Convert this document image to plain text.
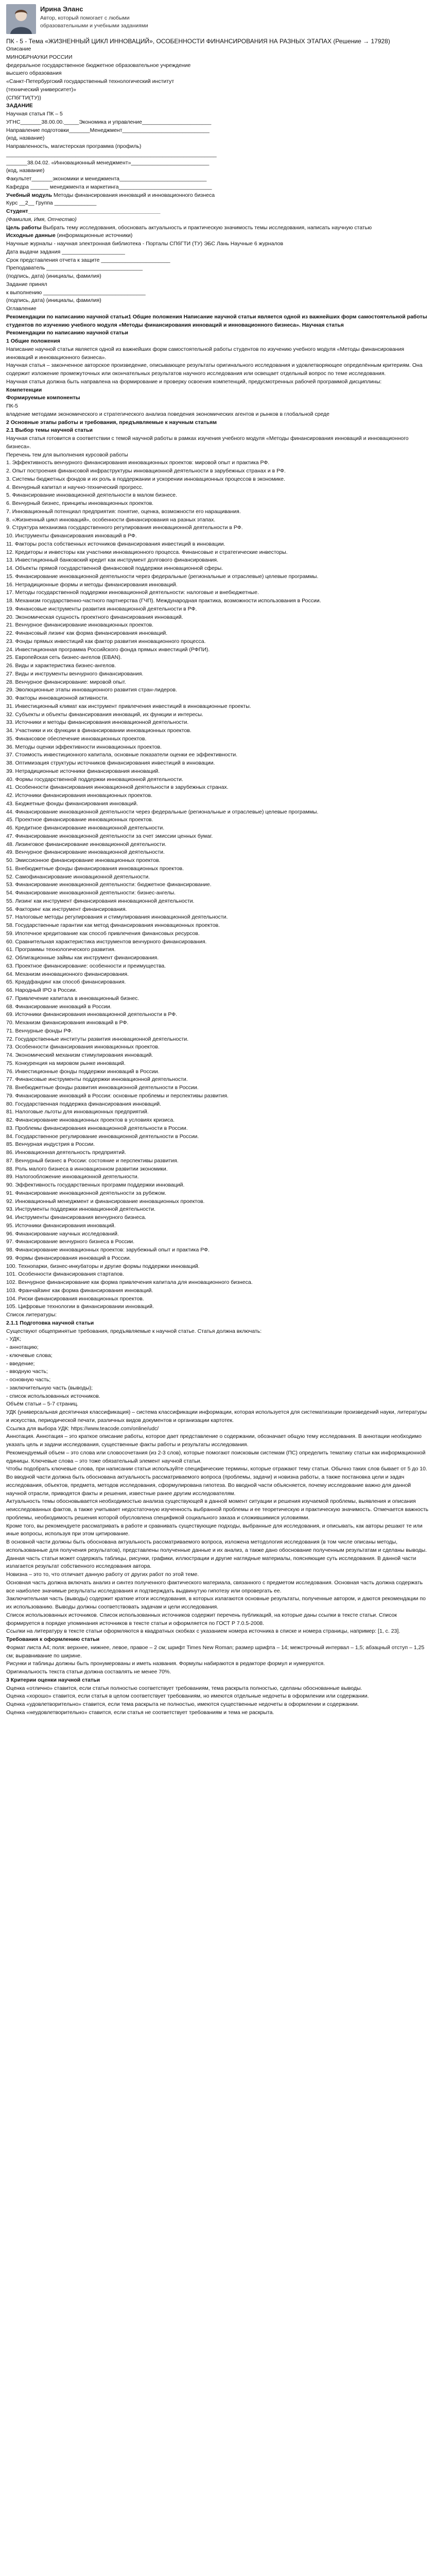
Ирина Эланс
Автор, который помогает с любыми образовательными и учебными заданиями
ПК - 5 - Тема «ЖИЗНЕННЫЙ ЦИКЛ ИННОВАЦИЙ», ОСОБЕННОСТИ ФИНАНСИРОВАНИЯ НА РАЗНЫХ ЭТАПАХ (Решение → 17928)
Описание
МИНОБРНАУКИ РОССИИ
федеральное государственное бюджетное образовательное учреждение
высшего образования
«Санкт-Петербургский государственный технологический институт
(технический университет)»
(СПбГТИ(ТУ))
ЗАДАНИЕ
Научная статья ПК – 5
УГНС_______38.00.00._____Экономика и управление_______________________
Направление подготовки_______Менеджмент_____________________________
(код, название)
Направленность, магистерская программа (профиль)
______________________________________________________________________
_______38.04.02. «Инновационный менеджмент»__________________________
(код, название)
Факультет_______экономики и менеджмента_____________________________
Кафедра ______ менеджмента и маркетинга_______________________________
Учебный модуль Методы финансирования инноваций и инновационного бизнеса
Курс __2__ Группа ______________
Студент____________________________________________
(Фамилия, Имя, Отчество)
Цель работы Выбрать тему исследования, обосновать актуальность и практическую значимость темы исследования, написать научную статью
Исходные данные (информационные источники)
Научные журналы - научная электронная библиотека - Порталы СПбГТИ (ТУ) ЭБС Лань Научные 6 журналов
Дата выдачи задания _____________________
Срок представления отчета к защите _______________________
Преподаватель ________________________________
(подпись, дата) (инициалы, фамилия)
Задание принял
к выполнению __________________________________
(подпись, дата) (инициалы, фамилия)
Оглавление
Рекомендации по написанию научной статьи1 Общие положения Написание научной статьи является одной из важнейших форм самостоятельной работы студентов по изучению учебного модуля «Методы финансирования инноваций и инновационного бизнеса». Научная статья
Рекомендации по написанию научной статьи
1 Общие положения
Написание научной статьи является одной из важнейших форм самостоятельной работы студентов по изучению учебного модуля «Методы финансирования инноваций и инновационного бизнеса».
Научная статья – законченное авторское произведение, описывающее результаты оригинального исследования и удовлетворяющее определённым критериям. Она содержит изложение промежуточных или окончательных результатов научного исследования или освещает отдельный вопрос по теме исследования.
Научная статья должна быть направлена на формирование и проверку освоения компетенций, предусмотренных рабочей программой дисциплины:
Компетенции
Формируемые компоненты
ПК-5
владение методами экономического и стратегического анализа поведения экономических агентов и рынков в глобальной среде
2 Основные этапы работы и требования, предъявляемые к научным статьям
2.1 Выбор темы научной статьи
Научная статья готовится в соответствии с темой научной работы в рамках изучения учебного модуля «Методы финансирования инноваций и инновационного бизнеса».
Перечень тем для выполнения курсовой работы
1. Эффективность венчурного финансирования инновационных проектов: мировой опыт и практика РФ.
2. Опыт построения финансовой инфраструктуры инновационной деятельности в зарубежных странах и в РФ.
3. Системы бюджетных фондов и их роль в поддержании и ускорении инновационных процессов в экономике.
4. Венчурный капитал и научно-технический прогресс.
5. Финансирование инновационной деятельности в малом бизнесе.
6. Венчурный бизнес, принципы инновационных проектов.
7. Инновационный потенциал предприятия: понятие, оценка, возможности его наращивания.
8. «Жизненный цикл инноваций», особенности финансирования на разных этапах.
9. Структура механизма государственного регулирования инновационной деятельности в РФ.
10. Инструменты финансирования инноваций в РФ.
11. Факторы роста собственных источников финансирования инвестиций в инновации.
12. Кредиторы и инвесторы как участники инновационного процесса. Финансовые и стратегические инвесторы.
13. Инвестиционный банковский кредит как инструмент долгового финансирования.
14. Объекты прямой государственной финансовой поддержки инновационной сферы.
15. Финансирование инновационной деятельности через федеральные (региональные и отраслевые) целевые программы.
16. Нетрадиционные формы и методы финансирования инноваций.
17. Методы государственной поддержки инновационной деятельности: налоговые и внебюджетные.
18. Механизм государственно-частного партнерства (ГЧП). Международная практика, возможности использования в России.
19. Финансовые инструменты развития инновационной деятельности в РФ.
20. Экономическая сущность проектного финансирования инноваций.
21. Венчурное финансирование инновационных проектов.
22. Финансовый лизинг как форма финансирования инноваций.
23. Фонды прямых инвестиций как фактор развития инновационного процесса.
24. Инвестиционная программа Российского фонда прямых инвестиций (РФПИ).
25. Европейская сеть бизнес-ангелов (EBAN).
26. Виды и характеристика бизнес-ангелов.
27. Виды и инструменты венчурного финансирования.
28. Венчурное финансирование: мировой опыт.
29. Эволюционные этапы инновационного развития стран-лидеров.
30. Факторы инновационной активности.
31. Инвестиционный климат как инструмент привлечения инвестиций в инновационные проекты.
32. Субъекты и объекты финансирования инноваций, их функции и интересы.
33. Источники и методы финансирования инновационной деятельности.
34. Участники и их функции в финансировании инновационных проектов.
35. Финансовое обеспечение инновационных проектов.
36. Методы оценки эффективности инновационных проектов.
37. Стоимость инвестиционного капитала, основные показатели оценки ее эффективности.
38. Оптимизация структуры источников финансирования инвестиций в инновации.
39. Нетрадиционные источники финансирования инноваций.
40. Формы государственной поддержки инновационной деятельности.
41. Особенности финансирования инновационной деятельности в зарубежных странах.
42. Источники финансирования инновационных проектов.
43. Бюджетные фонды финансирования инноваций.
44. Финансирование инновационной деятельности через федеральные (региональные и отраслевые) целевые программы.
45. Проектное финансирование инновационных проектов.
46. Кредитное финансирование инновационной деятельности.
47. Финансирование инновационной деятельности за счет эмиссии ценных бумаг.
48. Лизинговое финансирование инновационной деятельности.
49. Венчурное финансирование инновационной деятельности.
50. Эмиссионное финансирование инновационных проектов.
51. Внебюджетные фонды финансирования инновационных проектов.
52. Самофинансирование инновационной деятельности.
53. Финансирование инновационной деятельности: бюджетное финансирование.
54. Финансирование инновационной деятельности: бизнес-ангелы.
55. Лизинг как инструмент финансирования инновационной деятельности.
56. Факторинг как инструмент финансирования.
57. Налоговые методы регулирования и стимулирования инновационной деятельности.
58. Государственные гарантии как метод финансирования инновационных проектов.
59. Ипотечное кредитование как способ привлечения финансовых ресурсов.
60. Сравнительная характеристика инструментов венчурного финансирования.
61. Программы технологического развития.
62. Облигационные займы как инструмент финансирования.
63. Проектное финансирование: особенности и преимущества.
64. Механизм инновационного финансирования.
65. Краудфандинг как способ финансирования.
66. Народный IPO в России.
67. Привлечение капитала в инновационный бизнес.
68. Финансирование инноваций в России.
69. Источники финансирования инновационной деятельности в РФ.
70. Механизм финансирования инноваций в РФ.
71. Венчурные фонды РФ.
72. Государственные институты развития инновационной деятельности.
73. Особенности финансирования инновационных проектов.
74. Экономический механизм стимулирования инноваций.
75. Конкуренция на мировом рынке инноваций.
76. Инвестиционные фонды поддержки инноваций в России.
77. Финансовые инструменты поддержки инновационной деятельности.
78. Внебюджетные фонды развития инновационной деятельности в России.
79. Финансирование инноваций в России: основные проблемы и перспективы развития.
80. Государственная поддержка финансирования инноваций.
81. Налоговые льготы для инновационных предприятий.
82. Финансирование инновационных проектов в условиях кризиса.
83. Проблемы финансирования инновационной деятельности в России.
84. Государственное регулирование инновационной деятельности в России.
85. Венчурная индустрия в России.
86. Инновационная деятельность предприятий.
87. Венчурный бизнес в России: состояние и перспективы развития.
88. Роль малого бизнеса в инновационном развитии экономики.
89. Налогообложение инновационной деятельности.
90. Эффективность государственных программ поддержки инноваций.
91. Финансирование инновационной деятельности за рубежом.
92. Инновационный менеджмент и финансирование инновационных проектов.
93. Инструменты поддержки инновационной деятельности.
94. Инструменты финансирования венчурного бизнеса.
95. Источники финансирования инноваций.
96. Финансирование научных исследований.
97. Финансирование венчурного бизнеса в России.
98. Финансирование инновационных проектов: зарубежный опыт и практика РФ.
99. Формы финансирования инноваций в России.
100. Технопарки, бизнес-инкубаторы и другие формы поддержки инноваций.
101. Особенности финансирования стартапов.
102. Венчурное финансирование как форма привлечения капитала для инновационного бизнеса.
103. Франчайзинг как форма финансирования инноваций.
104. Риски финансирования инновационных проектов.
105. Цифровые технологии в финансировании инноваций.
Список литературы:
2.1.1 Подготовка научной статьи
Существуют общепринятые требования, предъявляемые к научной статье. Статья должна включать:
- УДК;
- аннотацию;
- ключевые слова;
- введение;
- вводную часть;
- основную часть;
- заключительную часть (выводы);
- список использованных источников.
Объём статьи – 5-7 страниц.
УДК (универсальная десятичная классификация) – система классификации информации, которая используется для систематизации произведений науки, литературы и искусства, периодической печати, различных видов документов и организации картотек.
Ссылка для выбора УДК: https://www.teacode.com/online/udc/
Аннотация. Аннотация – это краткое описание работы, которое дает представление о содержании, обозначает общую тему исследования. В аннотации необходимо указать цель и задачи исследования, существенные факты работы и результаты исследования.
Рекомендуемый объем – это слова или словосочетания (из 2-3 слов), которые помогают поисковым системам (ПС) определить тематику статьи как информационной единицы. Ключевые слова – это тоже обязательный элемент научной статьи.
Чтобы подобрать ключевые слова, при написании статьи используйте специфические термины, которые отражают тему статьи. Обычно таких слов бывает от 5 до 10.
Во вводной части должна быть обоснована актуальность рассматриваемого вопроса (проблемы, задачи) и новизна работы, а также постановка цели и задач исследования, объектов, предмета, методов исследования, сформулирована гипотеза. Во вводной части объясняется, почему исследование важно для данной научной отрасли, приводятся факты и решения, известные ранее другим исследователям.
Актуальность темы обосновывается необходимостью анализа существующей в данной момент ситуации и решения изучаемой проблемы, выявления и описания неисследованных фактов, а также учитывает недостаточную изученность выбранной проблемы и ее теоретическую и практическую значимость. Отмечается важность проблемы, необходимость решения которой обусловлена спецификой социального заказа и сложившимися условиями.
Кроме того, вы рекомендуете рассматривать в работе и сравнивать существующие подходы, выбранные для исследования, и описывать, как авторы решают те или иные вопросы, используя при этом цитирование.
В основной части должны быть обоснована актуальность рассматриваемого вопроса, изложена методология исследования (в том числе описаны методы, использованные для получения результатов), представлены полученные данные и их анализ, а также дано обоснование полученным результатам и сделаны выводы.
Данная часть статьи может содержать таблицы, рисунки, графики, иллюстрации и другие наглядные материалы, поясняющие суть исследования. В данной части излагается результат собственного исследования автора.
Новизна – это то, что отличает данную работу от других работ по этой теме.
Основная часть должна включать анализ и синтез полученного фактического материала, связанного с предметом исследования. Основная часть должна содержать все наиболее значимые результаты исследования и подтверждать выдвинутую гипотезу или опровергать ее.
Заключительная часть (выводы) содержит краткие итоги исследования, в которых излагаются основные результаты, полученные автором, и даются рекомендации по их использованию. Выводы должны соответствовать задачам и цели исследования.
Список использованных источников. Список использованных источников содержит перечень публикаций, на которые даны ссылки в тексте статьи. Список формируется в порядке упоминания источников в тексте статьи и оформляется по ГОСТ Р 7.0.5-2008.
Ссылки на литературу в тексте статьи оформляются в квадратных скобках с указанием номера источника в списке и номера страницы, например: [1, с. 23].
Требования к оформлению статьи
Формат листа А4; поля: верхнее, нижнее, левое, правое – 2 см; шрифт Times New Roman; размер шрифта – 14; межстрочный интервал – 1,5; абзацный отступ – 1,25 см; выравнивание по ширине.
Рисунки и таблицы должны быть пронумерованы и иметь названия. Формулы набираются в редакторе формул и нумеруются.
Оригинальность текста статьи должна составлять не менее 70%.
3 Критерии оценки научной статьи
Оценка «отлично» ставится, если статья полностью соответствует требованиям, тема раскрыта полностью, сделаны обоснованные выводы.
Оценка «хорошо» ставится, если статья в целом соответствует требованиям, но имеются отдельные недочеты в оформлении или содержании.
Оценка «удовлетворительно» ставится, если тема раскрыта не полностью, имеются существенные недочеты в оформлении и содержании.
Оценка «неудовлетворительно» ставится, если статья не соответствует требованиям и тема не раскрыта.
